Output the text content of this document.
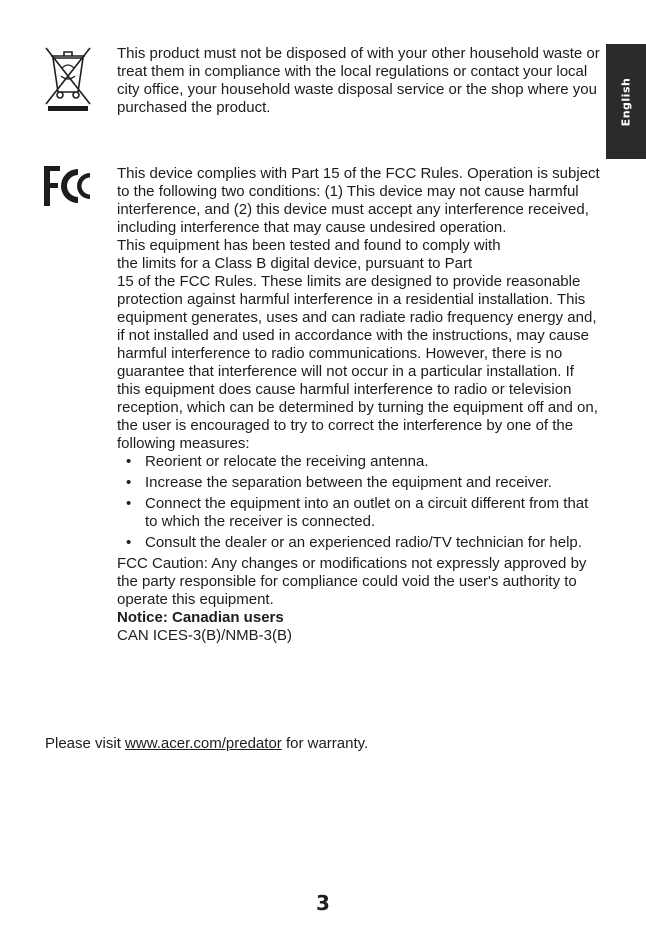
English

This product must not be disposed of with your other household waste or treat them in compliance with the local regulations or contact your local city office, your household waste disposal service or the shop where you purchased the product.

This device complies with Part 15 of the FCC Rules. Operation is subject to the following two conditions: (1) This device may not cause harmful interference, and (2) this device must accept any interference received, including interference that may cause undesired operation.

This equipment has been tested and found to comply with

the limits for a Class B digital device, pursuant to Part

15 of the FCC Rules. These limits are designed to provide reasonable protection against harmful interference in a residential installation. This equipment generates, uses and can radiate radio frequency energy and, if not installed and used in accordance with the instructions, may cause harmful interference to radio communications. However, there is no guarantee that interference will not occur in a particular installation. If this equipment does cause harmful interference to radio or television reception, which can be determined by turning the equipment off and on, the user is encouraged to try to correct the interference by one of the following measures:

• Reorient or relocate the receiving antenna.
• Increase the separation between the equipment and receiver.
• Connect the equipment into an outlet on a circuit different from that to which the receiver is connected.
• Consult the dealer or an experienced radio/TV technician for help.

FCC Caution: Any changes or modifications not expressly approved by the party responsible for compliance could void the user's authority to operate this equipment.

Notice: Canadian users

CAN ICES-3(B)/NMB-3(B)

Please visit www.acer.com/predator for warranty.
3
